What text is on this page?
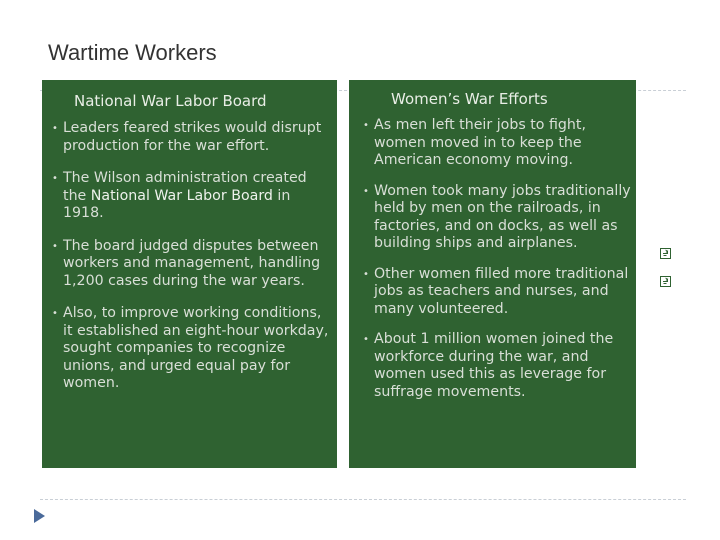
Wartime Workers
National War Labor Board
• Leaders feared strikes would disrupt production for the war effort.
• The Wilson administration created the National War Labor Board in 1918.
• The board judged disputes between workers and management, handling 1,200 cases during the war years.
• Also, to improve working conditions, it established an eight-hour workday, sought companies to recognize unions, and urged equal pay for women.
Women’s War Efforts
• As men left their jobs to fight, women moved in to keep the American economy moving.
• Women took many jobs traditionally held by men on the railroads, in factories, and on docks, as well as building ships and airplanes.
• Other women filled more traditional jobs as teachers and nurses, and many volunteered.
• About 1 million women joined the workforce during the war, and women used this as leverage for suffrage movements.
